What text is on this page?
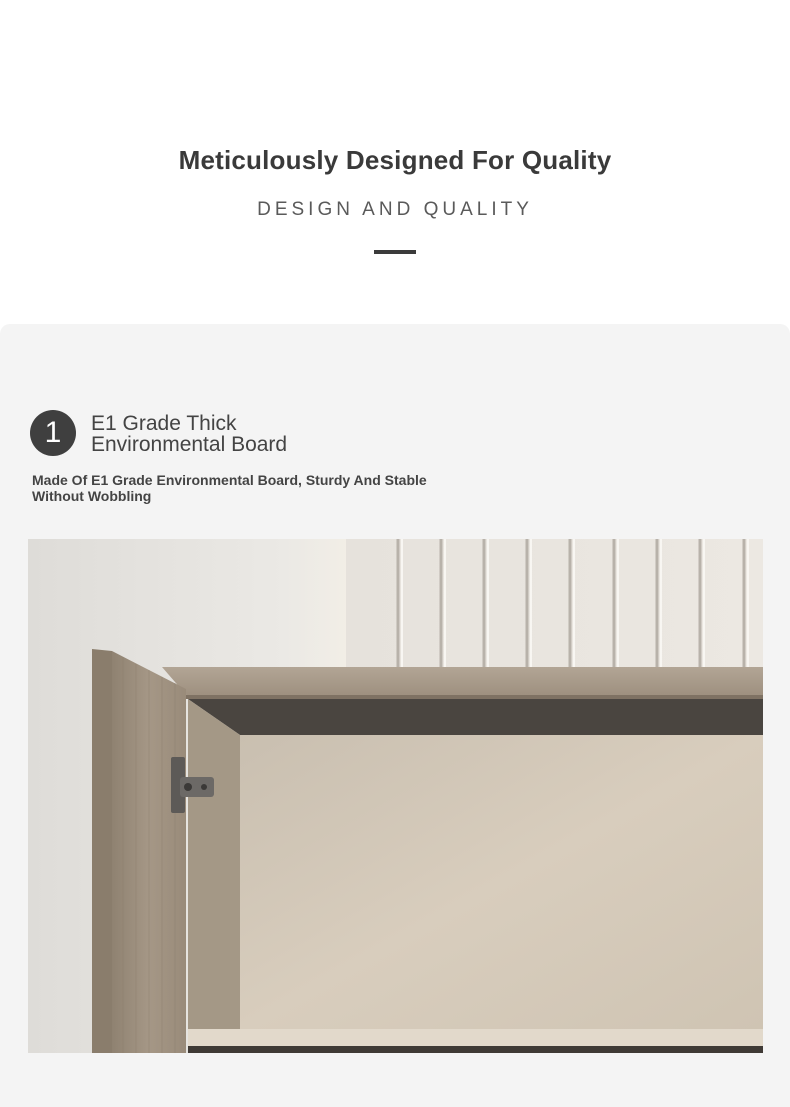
Meticulously Designed For Quality
DESIGN AND QUALITY
1	E1 Grade Thick
Environmental Board
Made Of E1 Grade Environmental Board, Sturdy And Stable
Without Wobbling
